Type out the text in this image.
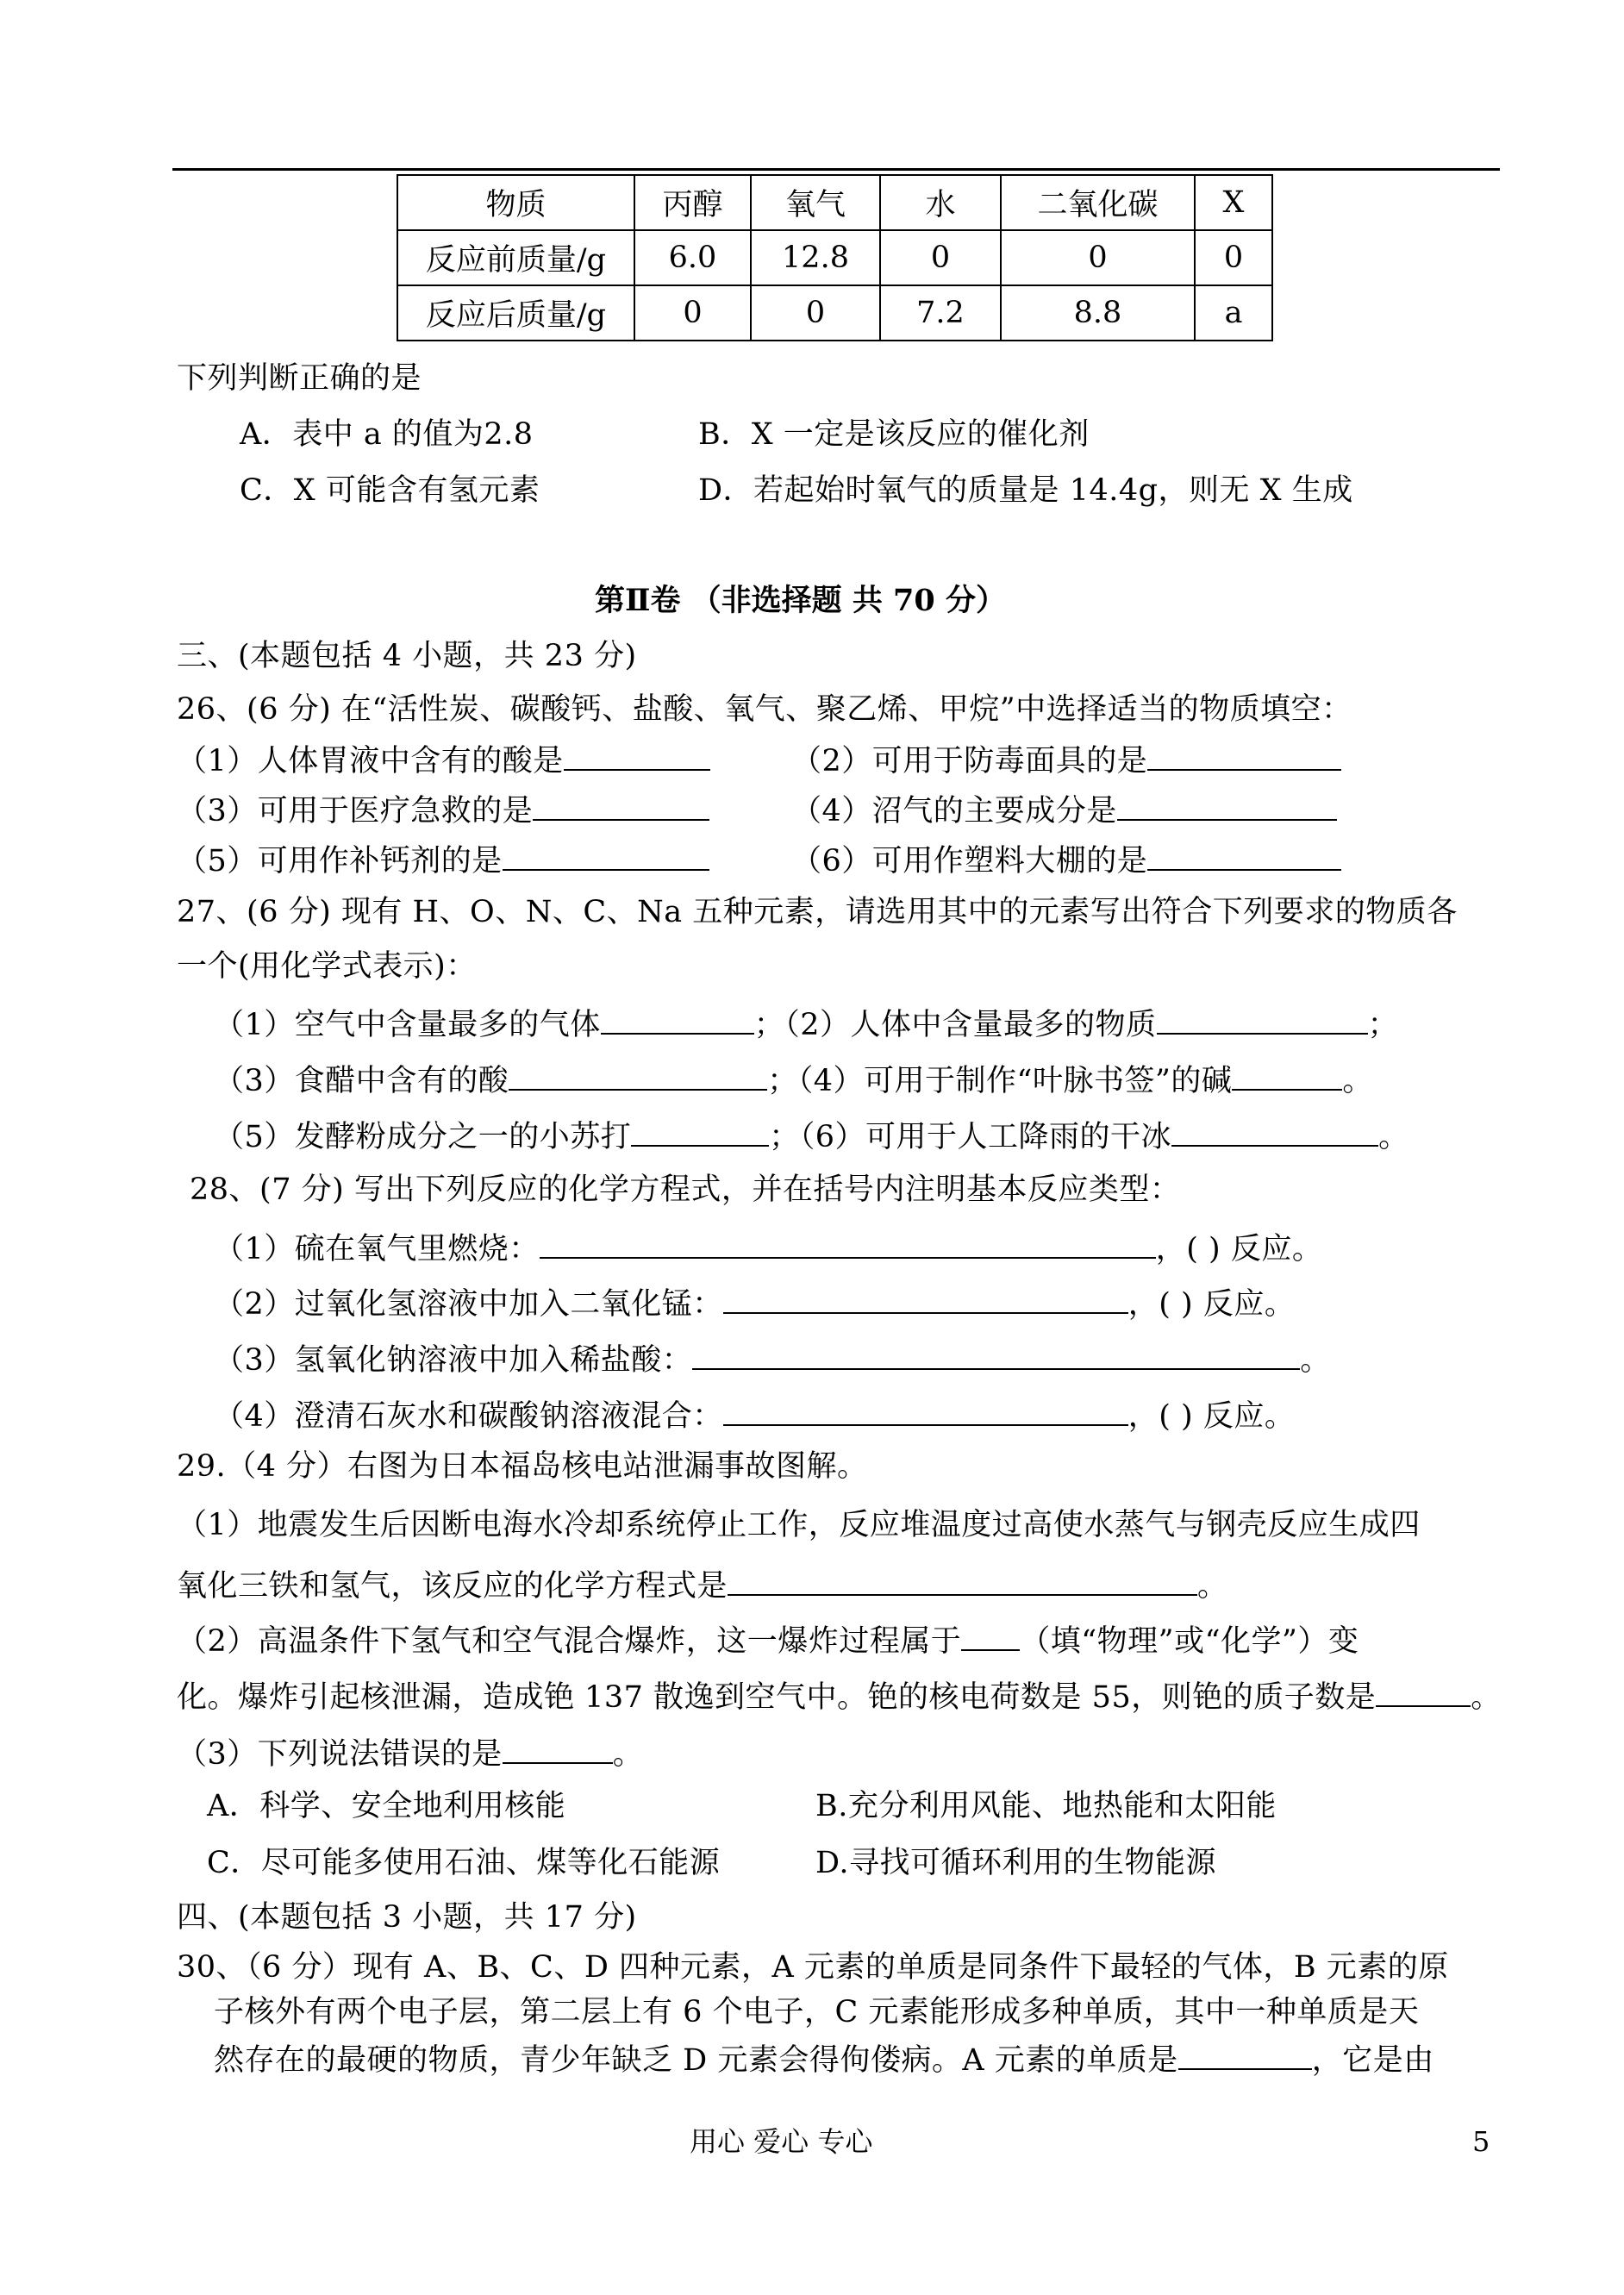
物质	丙醇	氧气	水	二氧化碳	X
反应前质量/g	6.0	12.8	0	0	0
反应后质量/g	0	0	7.2	8.8	a
下列判断正确的是
A．表中 a 的值为2.8	B．X 一定是该反应的催化剂
C．X 可能含有氢元素	D．若起始时氧气的质量是 14.4g，则无 X 生成
第Ⅱ卷 （非选择题 共 70 分）
三、(本题包括 4 小题，共 23 分)
26、(6 分) 在“活性炭、碳酸钙、盐酸、氧气、聚乙烯、甲烷”中选择适当的物质填空：
（1）人体胃液中含有的酸是	（2）可用于防毒面具的是
（3）可用于医疗急救的是	（4）沼气的主要成分是
（5）可用作补钙剂的是	（6）可用作塑料大棚的是
27、(6 分) 现有 H、O、N、C、Na 五种元素，请选用其中的元素写出符合下列要求的物质各
一个(用化学式表示)：
（1）空气中含量最多的气体	；（2）人体中含量最多的物质	；
（3）食醋中含有的酸	；（4）可用于制作“叶脉书签”的碱	。
（5）发酵粉成分之一的小苏打	；（6）可用于人工降雨的干冰	。
28、(7 分) 写出下列反应的化学方程式，并在括号内注明基本反应类型：
（1）硫在氧气里燃烧：	，( ) 反应。
（2）过氧化氢溶液中加入二氧化锰：	，( ) 反应。
（3）氢氧化钠溶液中加入稀盐酸：	。
（4）澄清石灰水和碳酸钠溶液混合：	，( ) 反应。
29.（4 分）右图为日本福岛核电站泄漏事故图解。
（1）地震发生后因断电海水冷却系统停止工作，反应堆温度过高使水蒸气与钢壳反应生成四
氧化三铁和氢气，该反应的化学方程式是	。
（2）高温条件下氢气和空气混合爆炸，这一爆炸过程属于 （填“物理”或“化学”）变
化。爆炸引起核泄漏，造成铯 137 散逸到空气中。铯的核电荷数是 55，则铯的质子数是	。
（3）下列说法错误的是	。
A．科学、安全地利用核能	B.充分利用风能、地热能和太阳能
C．尽可能多使用石油、煤等化石能源	D.寻找可循环利用的生物能源
四、(本题包括 3 小题，共 17 分)
30、（6 分）现有 A、B、C、D 四种元素，A 元素的单质是同条件下最轻的气体，B 元素的原
子核外有两个电子层，第二层上有 6 个电子，C 元素能形成多种单质，其中一种单质是天
然存在的最硬的物质，青少年缺乏 D 元素会得佝偻病。A 元素的单质是	，它是由
用心 爱心 专心	5
